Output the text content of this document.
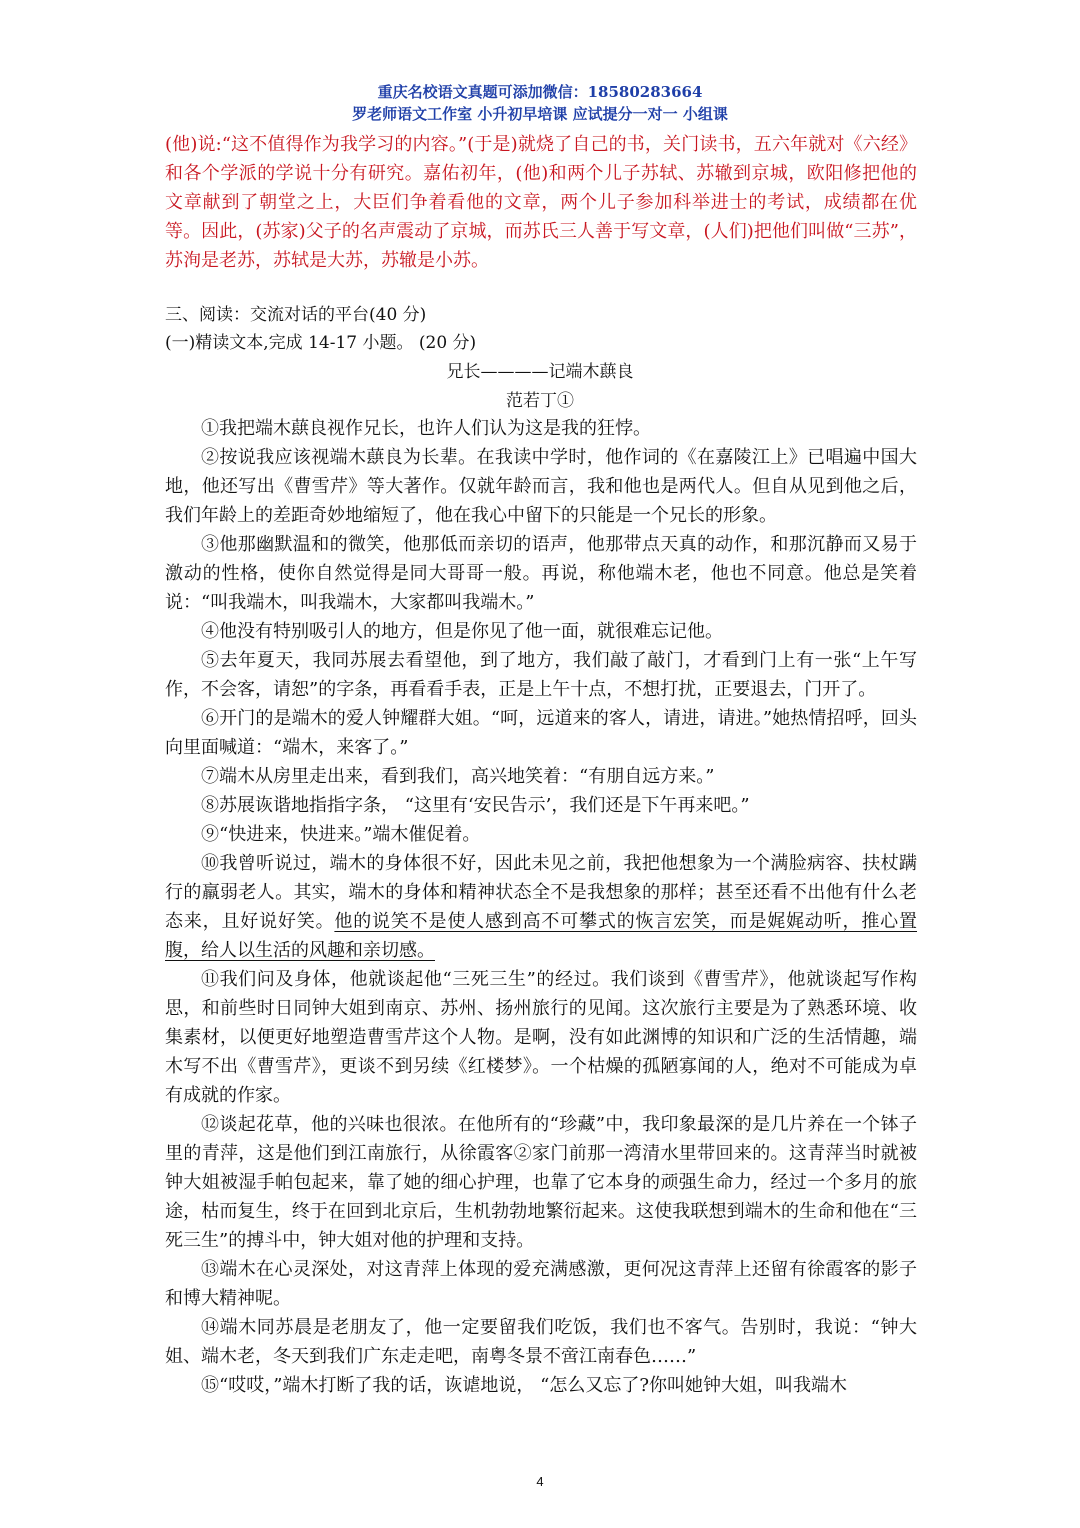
重庆名校语文真题可添加微信：18580283664
罗老师语文工作室 小升初早培课 应试提分一对一 小组课

(他)说:“这不值得作为我学习的内容。”(于是)就烧了自己的书，关门读书，五六年就对《六经》和各个学派的学说十分有研究。嘉佑初年，(他)和两个儿子苏轼、苏辙到京城，欧阳修把他的文章献到了朝堂之上，大臣们争着看他的文章，两个儿子参加科举进士的考试，成绩都在优等。因此，(苏家)父子的名声震动了京城，而苏氏三人善于写文章，(人们)把他们叫做“三苏”，苏洵是老苏，苏轼是大苏，苏辙是小苏。

三、阅读：交流对话的平台(40 分)
(一)精读文本,完成 14-17 小题。 (20 分)
兄长————记端木蕻良
范若丁①

①我把端木蕻良视作兄长，也许人们认为这是我的狂悖。

②按说我应该视端木蕻良为长辈。在我读中学时，他作词的《在嘉陵江上》已唱遍中国大地，他还写出《曹雪芹》等大著作。仅就年龄而言，我和他也是两代人。但自从见到他之后，我们年龄上的差距奇妙地缩短了，他在我心中留下的只能是一个兄长的形象。

③他那幽默温和的微笑，他那低而亲切的语声，他那带点天真的动作，和那沉静而又易于激动的性格，使你自然觉得是同大哥哥一般。再说，称他端木老，他也不同意。他总是笑着说：“叫我端木，叫我端木，大家都叫我端木。”

④他没有特别吸引人的地方，但是你见了他一面，就很难忘记他。

⑤去年夏天，我同苏展去看望他，到了地方，我们敲了敲门，才看到门上有一张“上午写作，不会客，请恕”的字条，再看看手表，正是上午十点，不想打扰，正要退去，门开了。

⑥开门的是端木的爱人钟耀群大姐。“呵，远道来的客人，请进，请进。”她热情招呼，回头向里面喊道：“端木，来客了。”

⑦端木从房里走出来，看到我们，高兴地笑着：“有朋自远方来。”

⑧苏展诙谐地指指字条， “这里有‘安民告示’，我们还是下午再来吧。”

⑨“快进来，快进来。”端木催促着。

⑩我曾听说过，端木的身体很不好，因此未见之前，我把他想象为一个满脸病容、扶杖蹒行的羸弱老人。其实，端木的身体和精神状态全不是我想象的那样；甚至还看不出他有什么老态来，且好说好笑。他的说笑不是使人感到高不可攀式的恢言宏笑，而是娓娓动听，推心置腹，给人以生活的风趣和亲切感。

⑪我们问及身体，他就谈起他“三死三生”的经过。我们谈到《曹雪芹》，他就谈起写作构思，和前些时日同钟大姐到南京、苏州、扬州旅行的见闻。这次旅行主要是为了熟悉环境、收集素材，以便更好地塑造曹雪芹这个人物。是啊，没有如此渊博的知识和广泛的生活情趣，端木写不出《曹雪芹》，更谈不到另续《红楼梦》。一个枯燥的孤陋寡闻的人，绝对不可能成为卓有成就的作家。

⑫谈起花草，他的兴味也很浓。在他所有的“珍藏”中，我印象最深的是几片养在一个钵子里的青萍，这是他们到江南旅行，从徐霞客②家门前那一湾清水里带回来的。这青萍当时就被钟大姐被湿手帕包起来，靠了她的细心护理，也靠了它本身的顽强生命力，经过一个多月的旅途，枯而复生，终于在回到北京后，生机勃勃地繁衍起来。这使我联想到端木的生命和他在“三死三生”的搏斗中，钟大姐对他的护理和支持。

⑬端木在心灵深处，对这青萍上体现的爱充满感激，更何况这青萍上还留有徐霞客的影子和博大精神呢。

⑭端木同苏晨是老朋友了，他一定要留我们吃饭，我们也不客气。告别时，我说：“钟大姐、端木老，冬天到我们广东走走吧，南粤冬景不啻江南春色……”

⑮“哎哎，”端木打断了我的话，诙谑地说， “怎么又忘了?你叫她钟大姐，叫我端木

4
